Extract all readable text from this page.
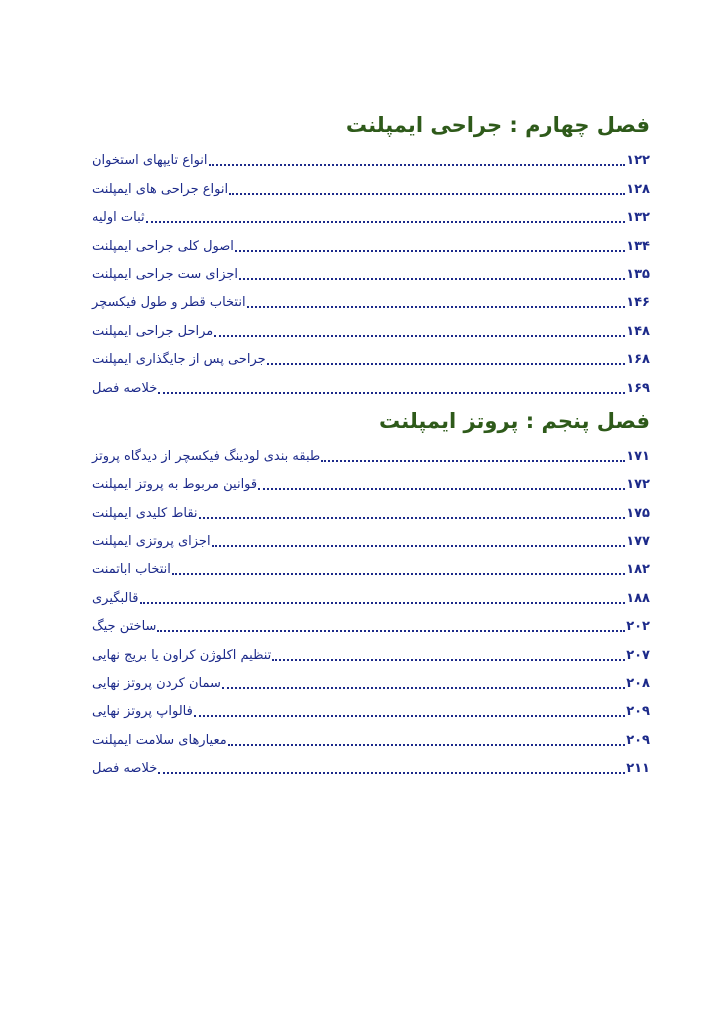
فصل چهارم : جراحی ایمپلنت
انواع تایپهای استخوان	۱۲۲
انواع جراحی های ایمپلنت	۱۲۸
ثبات اولیه	۱۳۲
اصول کلی جراحی ایمپلنت	۱۳۴
اجزای ست جراحی ایمپلنت	۱۳۵
انتخاب قطر و طول فیکسچر	۱۴۶
مراحل جراحی ایمپلنت	۱۴۸
جراحی پس از جایگذاری ایمپلنت	۱۶۸
خلاصه فصل	۱۶۹
فصل پنجم : پروتز ایمپلنت
طبقه بندی لودینگ فیکسچر از دیدگاه پروتز	۱۷۱
قوانین مربوط به پروتز ایمپلنت	۱۷۲
نقاط کلیدی ایمپلنت	۱۷۵
اجزای پروتزی ایمپلنت	۱۷۷
انتخاب اباتمنت	۱۸۲
قالبگیری	۱۸۸
ساختن جیگ	۲۰۲
تنظیم اکلوژن کراون یا بریج نهایی	۲۰۷
سمان کردن پروتز نهایی	۲۰۸
فالواپ پروتز نهایی	۲۰۹
معیارهای سلامت ایمپلنت	۲۰۹
خلاصه فصل	۲۱۱
